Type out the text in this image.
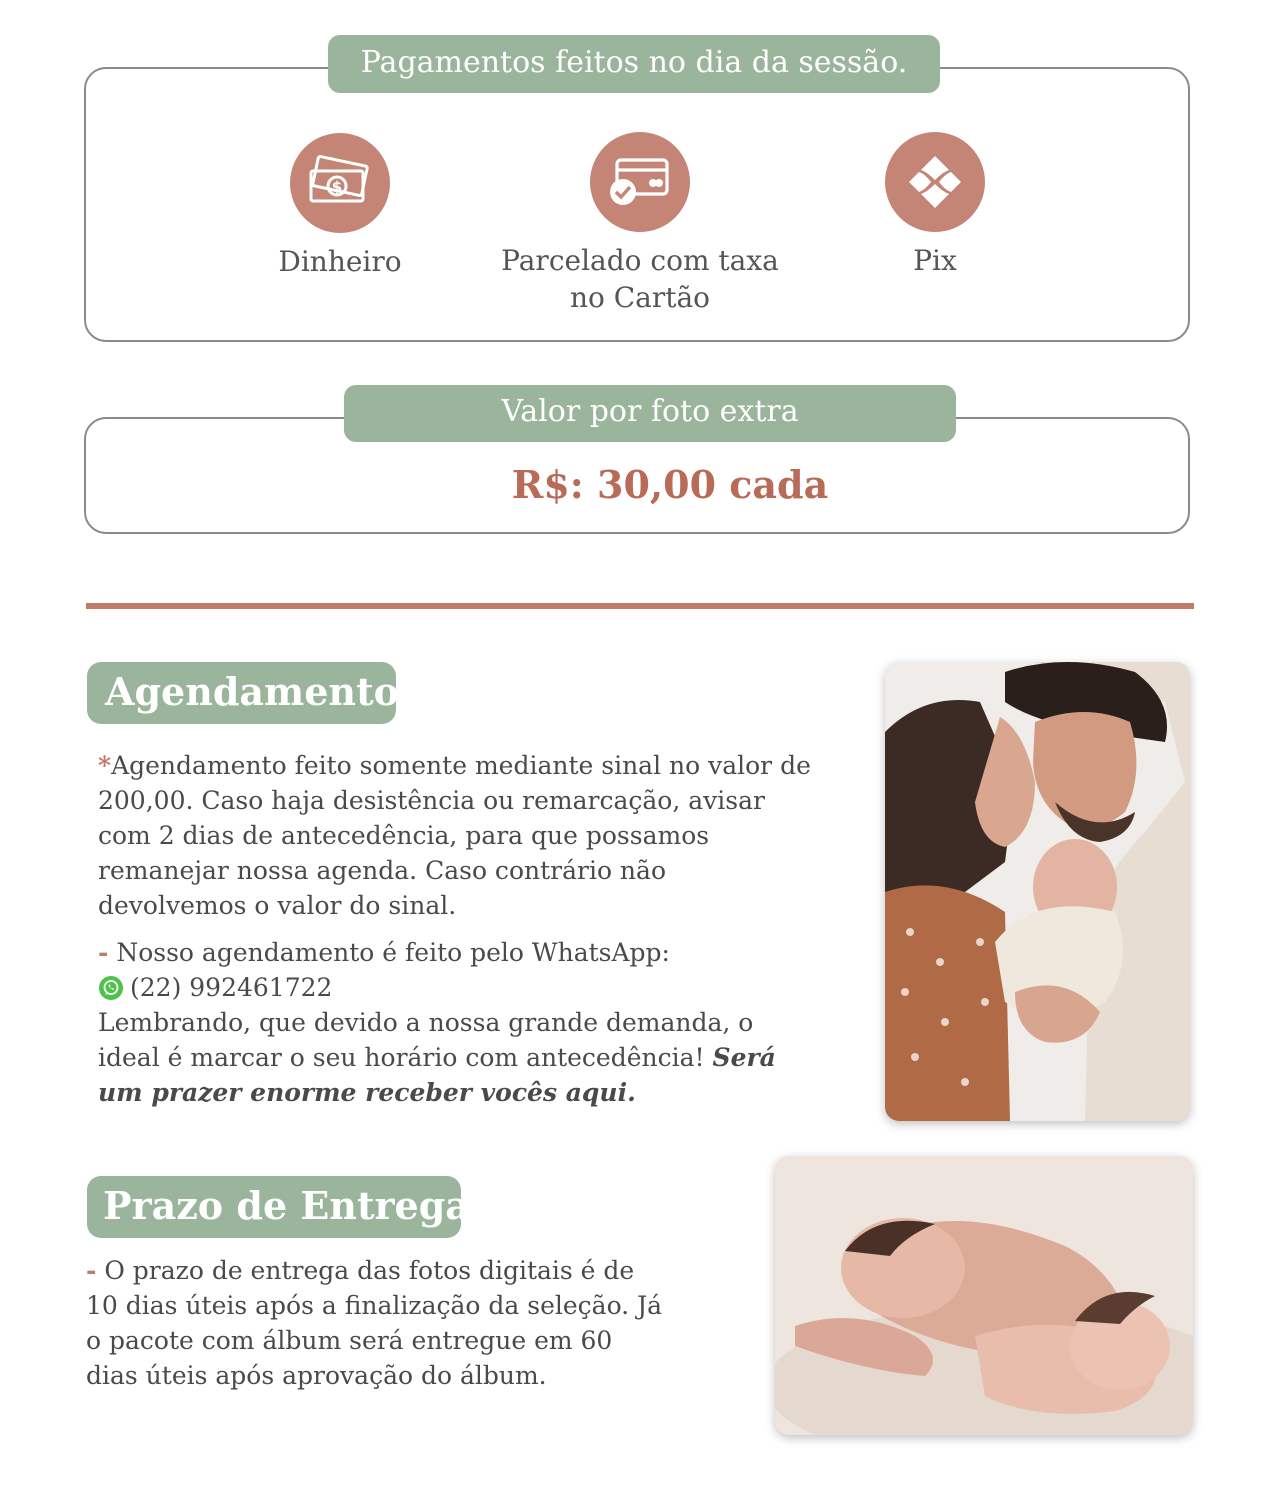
Pagamentos feitos no dia da sessão.
$
Dinheiro	Parcelado com taxa
no Cartão
Pix
Valor por foto extra
R$: 30,00 cada
Agendamento
*Agendamento feito somente mediante sinal no valor de 200,00. Caso haja desistência ou remarcação, avisar com 2 dias de antecedência, para que possamos remanejar nossa agenda. Caso contrário não devolvemos o valor do sinal.
- Nosso agendamento é feito pelo WhatsApp:
(22) 992461722
Lembrando, que devido a nossa grande demanda, o ideal é marcar o seu horário com antecedência! Será um prazer enorme receber vocês aqui.
Prazo de Entrega
- O prazo de entrega das fotos digitais é de 10 dias úteis após a finalização da seleção. Já o pacote com álbum será entregue em 60 dias úteis após aprovação do álbum.
